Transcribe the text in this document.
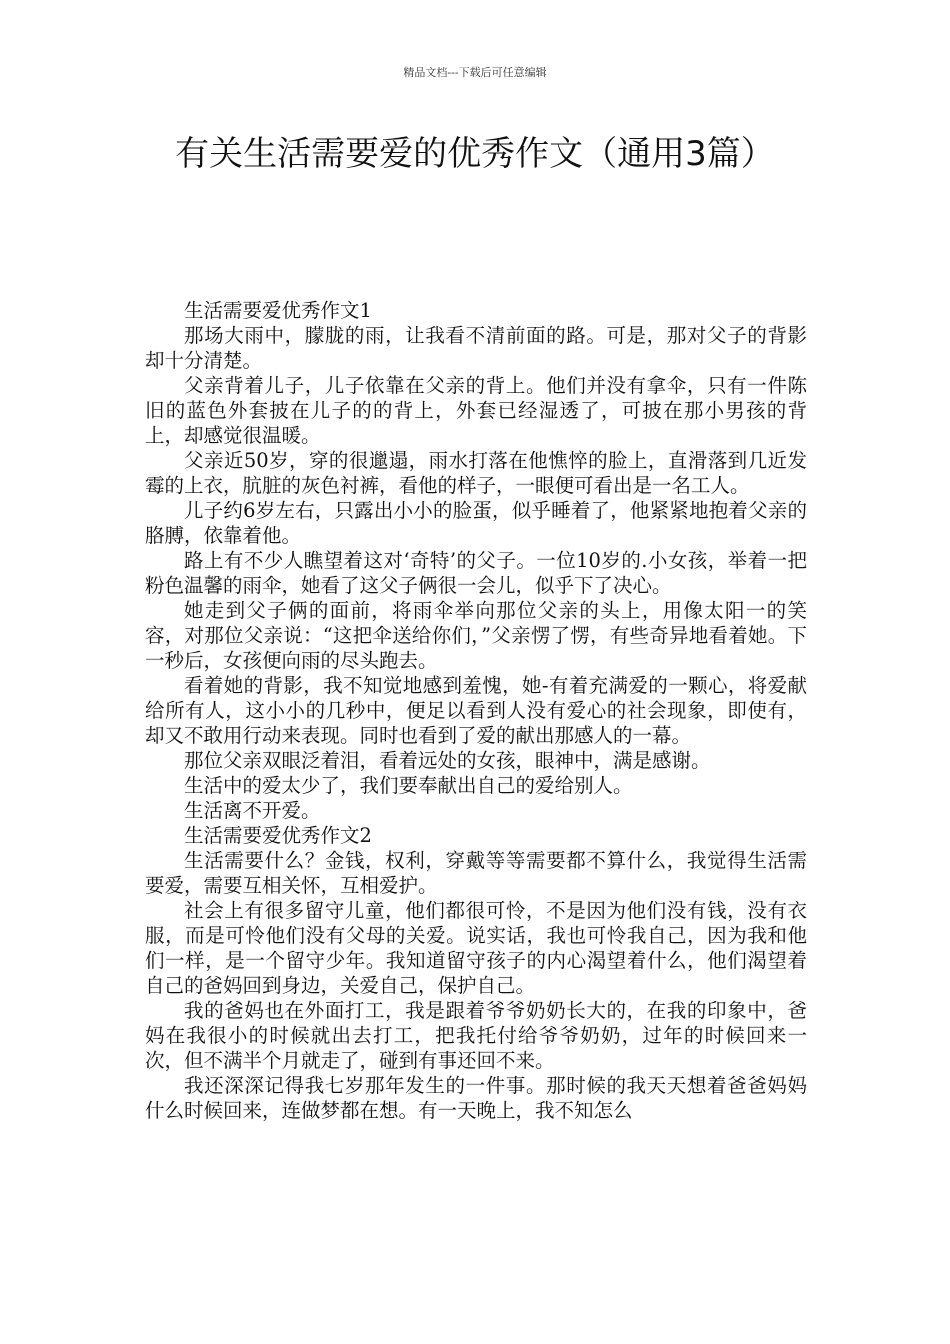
精品文档---下载后可任意编辑
有关生活需要爱的优秀作文（通用3篇）

生活需要爱优秀作文1

那场大雨中，朦胧的雨，让我看不清前面的路。可是，那对父子的背影却十分清楚。

父亲背着儿子，儿子依靠在父亲的背上。他们并没有拿伞，只有一件陈旧的蓝色外套披在儿子的的背上，外套已经湿透了，可披在那小男孩的背上，却感觉很温暖。

父亲近50岁，穿的很邋遢，雨水打落在他憔悴的脸上，直滑落到几近发霉的上衣，肮脏的灰色衬裤，看他的样子，一眼便可看出是一名工人。

儿子约6岁左右，只露出小小的脸蛋，似乎睡着了，他紧紧地抱着父亲的胳膊，依靠着他。

路上有不少人瞧望着这对‘奇特’的父子。一位10岁的.小女孩，举着一把粉色温馨的雨伞，她看了这父子俩很一会儿，似乎下了决心。

她走到父子俩的面前，将雨伞举向那位父亲的头上，用像太阳一的笑容，对那位父亲说：“这把伞送给你们，”父亲愣了愣，有些奇异地看着她。下一秒后，女孩便向雨的尽头跑去。

看着她的背影，我不知觉地感到羞愧，她-有着充满爱的一颗心，将爱献给所有人，这小小的几秒中，便足以看到人没有爱心的社会现象，即使有，却又不敢用行动来表现。同时也看到了爱的献出那感人的一幕。

那位父亲双眼泛着泪，看着远处的女孩，眼神中，满是感谢。

生活中的爱太少了，我们要奉献出自己的爱给别人。

生活离不开爱。

生活需要爱优秀作文2

生活需要什么？金钱，权利，穿戴等等需要都不算什么，我觉得生活需要爱，需要互相关怀，互相爱护。

社会上有很多留守儿童，他们都很可怜，不是因为他们没有钱，没有衣服，而是可怜他们没有父母的关爱。说实话，我也可怜我自己，因为我和他们一样，是一个留守少年。我知道留守孩子的内心渴望着什么，他们渴望着自己的爸妈回到身边，关爱自己，保护自己。

我的爸妈也在外面打工，我是跟着爷爷奶奶长大的，在我的印象中，爸妈在我很小的时候就出去打工，把我托付给爷爷奶奶，过年的时候回来一次，但不满半个月就走了，碰到有事还回不来。

我还深深记得我七岁那年发生的一件事。那时候的我天天想着爸爸妈妈什么时候回来，连做梦都在想。有一天晚上，我不知怎么
